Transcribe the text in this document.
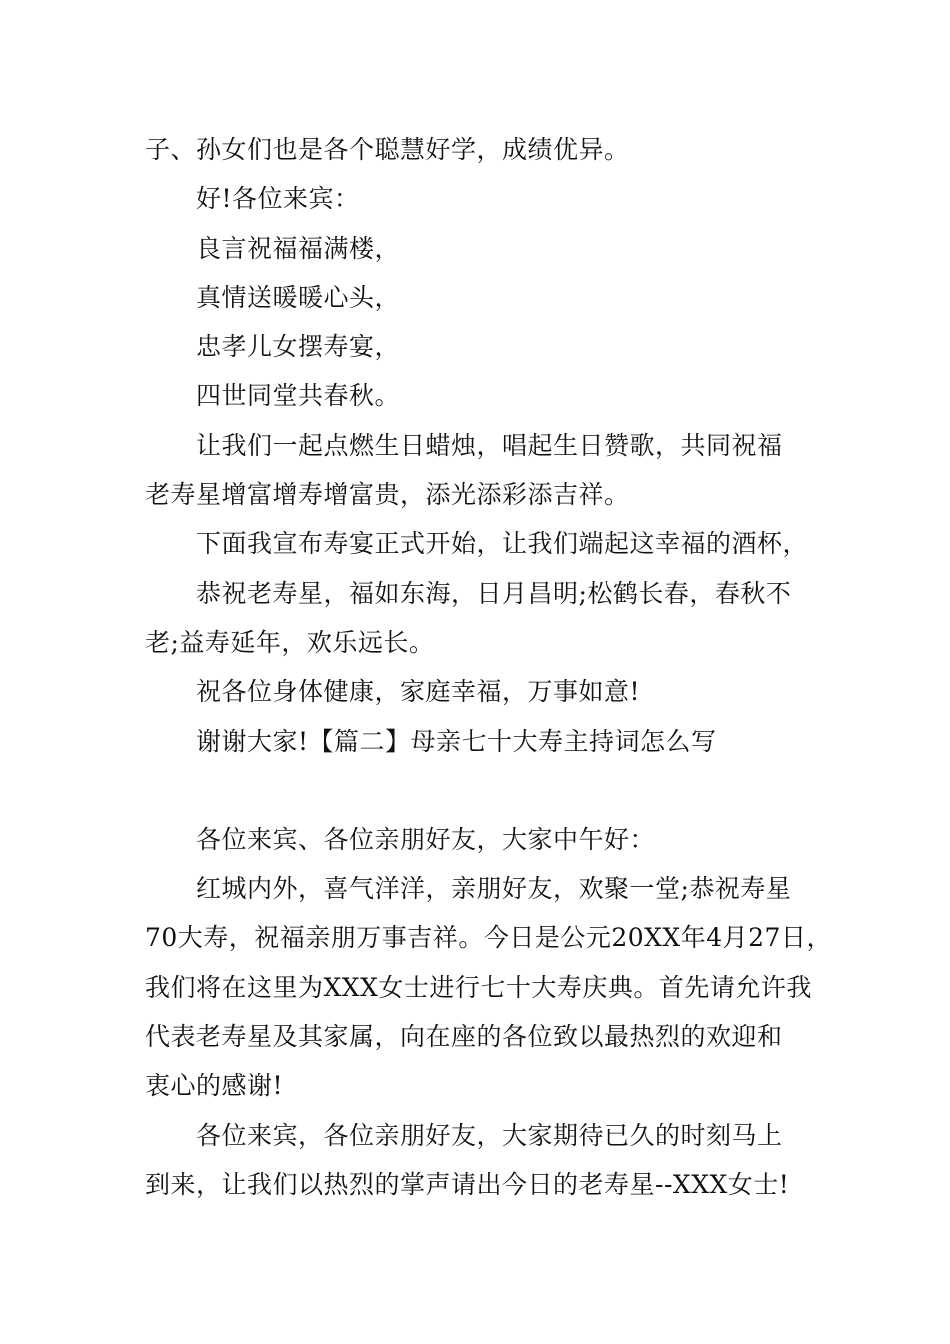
子、孙女们也是各个聪慧好学，成绩优异。
好!各位来宾：
良言祝福福满楼，
真情送暖暖心头，
忠孝儿女摆寿宴，
四世同堂共春秋。
让我们一起点燃生日蜡烛，唱起生日赞歌，共同祝福
老寿星增富增寿增富贵，添光添彩添吉祥。
下面我宣布寿宴正式开始，让我们端起这幸福的酒杯，
恭祝老寿星，福如东海，日月昌明;松鹤长春，春秋不
老;益寿延年，欢乐远长。
祝各位身体健康，家庭幸福，万事如意!
谢谢大家!【篇二】母亲七十大寿主持词怎么写
各位来宾、各位亲朋好友，大家中午好：
红城内外，喜气洋洋，亲朋好友，欢聚一堂;恭祝寿星
70大寿，祝福亲朋万事吉祥。今日是公元20XX年4月27日，
我们将在这里为XXX女士进行七十大寿庆典。首先请允许我
代表老寿星及其家属，向在座的各位致以最热烈的欢迎和
衷心的感谢!
各位来宾，各位亲朋好友，大家期待已久的时刻马上
到来，让我们以热烈的掌声请出今日的老寿星--XXX女士!
